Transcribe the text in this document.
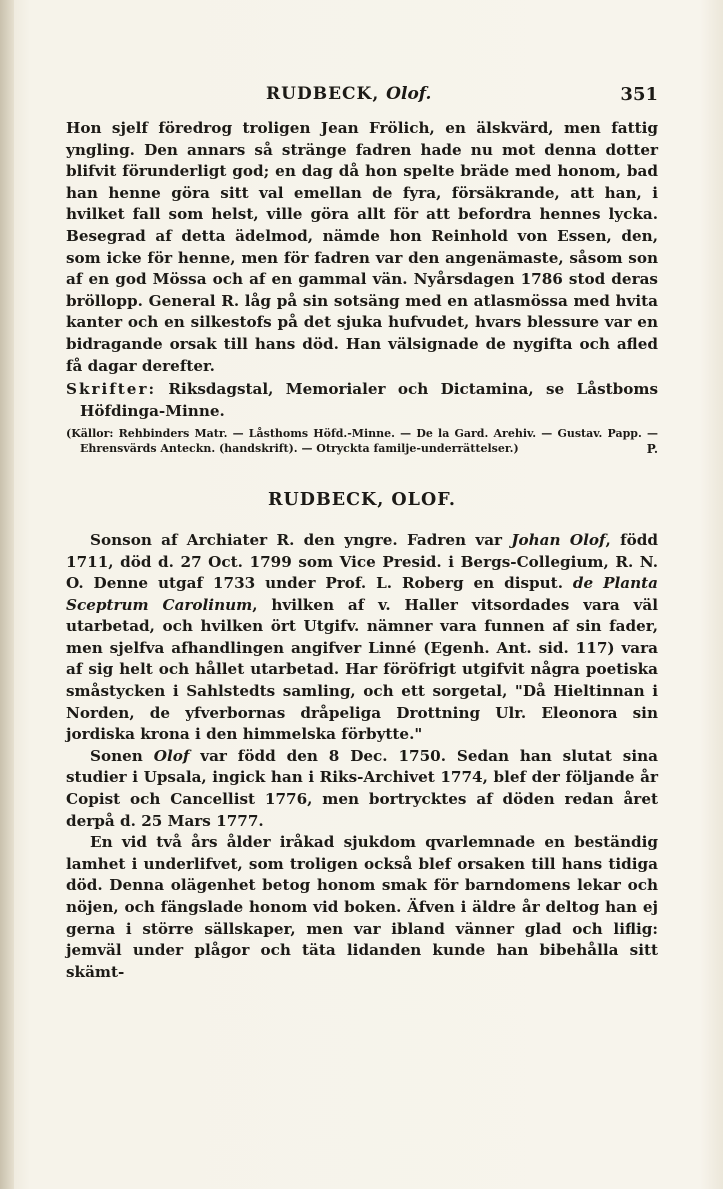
RUDBECK, Olof.	351

Hon sjelf föredrog troligen Jean Frölich, en älskvärd, men fattig yngling. Den annars så stränge fadren hade nu mot denna dotter blifvit förunderligt god; en dag då hon spelte bräde med honom, bad han henne göra sitt val emellan de fyra, försäkrande, att han, i hvilket fall som helst, ville göra allt för att befordra hennes lycka. Besegrad af detta ädelmod, nämde hon Reinhold von Essen, den, som icke för henne, men för fadren var den angenämaste, såsom son af en god Mössa och af en gammal vän. Nyårsdagen 1786 stod deras bröllopp. General R. låg på sin sotsäng med en atlasmössa med hvita kanter och en silkestofs på det sjuka hufvudet, hvars blessure var en bidragande orsak till hans död. Han välsignade de nygifta och afled få dagar derefter.

Skrifter: Riksdagstal, Memorialer och Dictamina, se Låstboms Höfdinga-Minne.

(Källor: Rehbinders Matr. — Låsthoms Höfd.-Minne. — De la Gard. Arehiv. — Gustav. Papp. — Ehrensvärds Anteckn. (handskrift). — Otryckta familje-underrättelser.)	P.

RUDBECK, OLOF.

Sonson af Archiater R. den yngre. Fadren var Johan Olof, född 1711, död d. 27 Oct. 1799 som Vice Presid. i Bergs-Collegium, R. N. O. Denne utgaf 1733 under Prof. L. Roberg en disput. de Planta Sceptrum Carolinum, hvilken af v. Haller vitsordades vara väl utarbetad, och hvilken ört Utgifv. nämner vara funnen af sin fader, men sjelfva afhandlingen angifver Linné (Egenh. Ant. sid. 117) vara af sig helt och hållet utarbetad. Har föröfrigt utgifvit några poetiska småstycken i Sahlstedts samling, och ett sorgetal, "Då Hieltinnan i Norden, de yfverbornas dråpeliga Drottning Ulr. Eleonora sin jordiska krona i den himmelska förbytte."

Sonen Olof var född den 8 Dec. 1750. Sedan han slutat sina studier i Upsala, ingick han i Riks-Archivet 1774, blef der följande år Copist och Cancellist 1776, men bortrycktes af döden redan året derpå d. 25 Mars 1777.

En vid två års ålder iråkad sjukdom qvarlemnade en beständig lamhet i underlifvet, som troligen också blef orsaken till hans tidiga död. Denna olägenhet betog honom smak för barndomens lekar och nöjen, och fängslade honom vid boken. Äfven i äldre år deltog han ej gerna i större sällskaper, men var ibland vänner glad och liflig: jemväl under plågor och täta lidanden kunde han bibehålla sitt skämt-
